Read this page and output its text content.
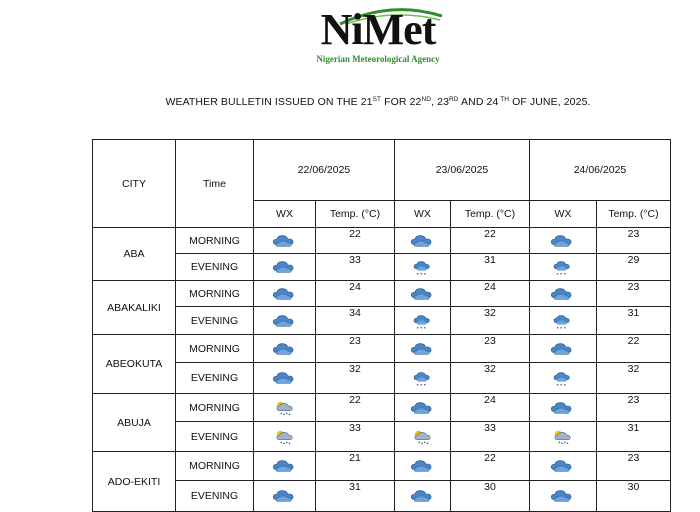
NiMet
Nigerian Meteorological Agency
WEATHER BULLETIN ISSUED ON THE 21ST FOR 22ND, 23RD AND 24 $^{TH}$ OF JUNE, 2025.
CITY	Time	22/06/2025		23/06/2025		24/06/2025	
		WX	Temp. (°C)	WX	Temp. (°C)	WX	Temp. (°C)
ABA	MORNING		22		22		23
	EVENING		33		31		29
ABAKALIKI	MORNING		24		24		23
	EVENING		34		32		31
ABEOKUTA	MORNING		23		23		22
	EVENING		32		32		32
ABUJA	MORNING		22		24		23
	EVENING		33		33		31
ADO-EKITI	MORNING		21		22		23
	EVENING		31		30		30
